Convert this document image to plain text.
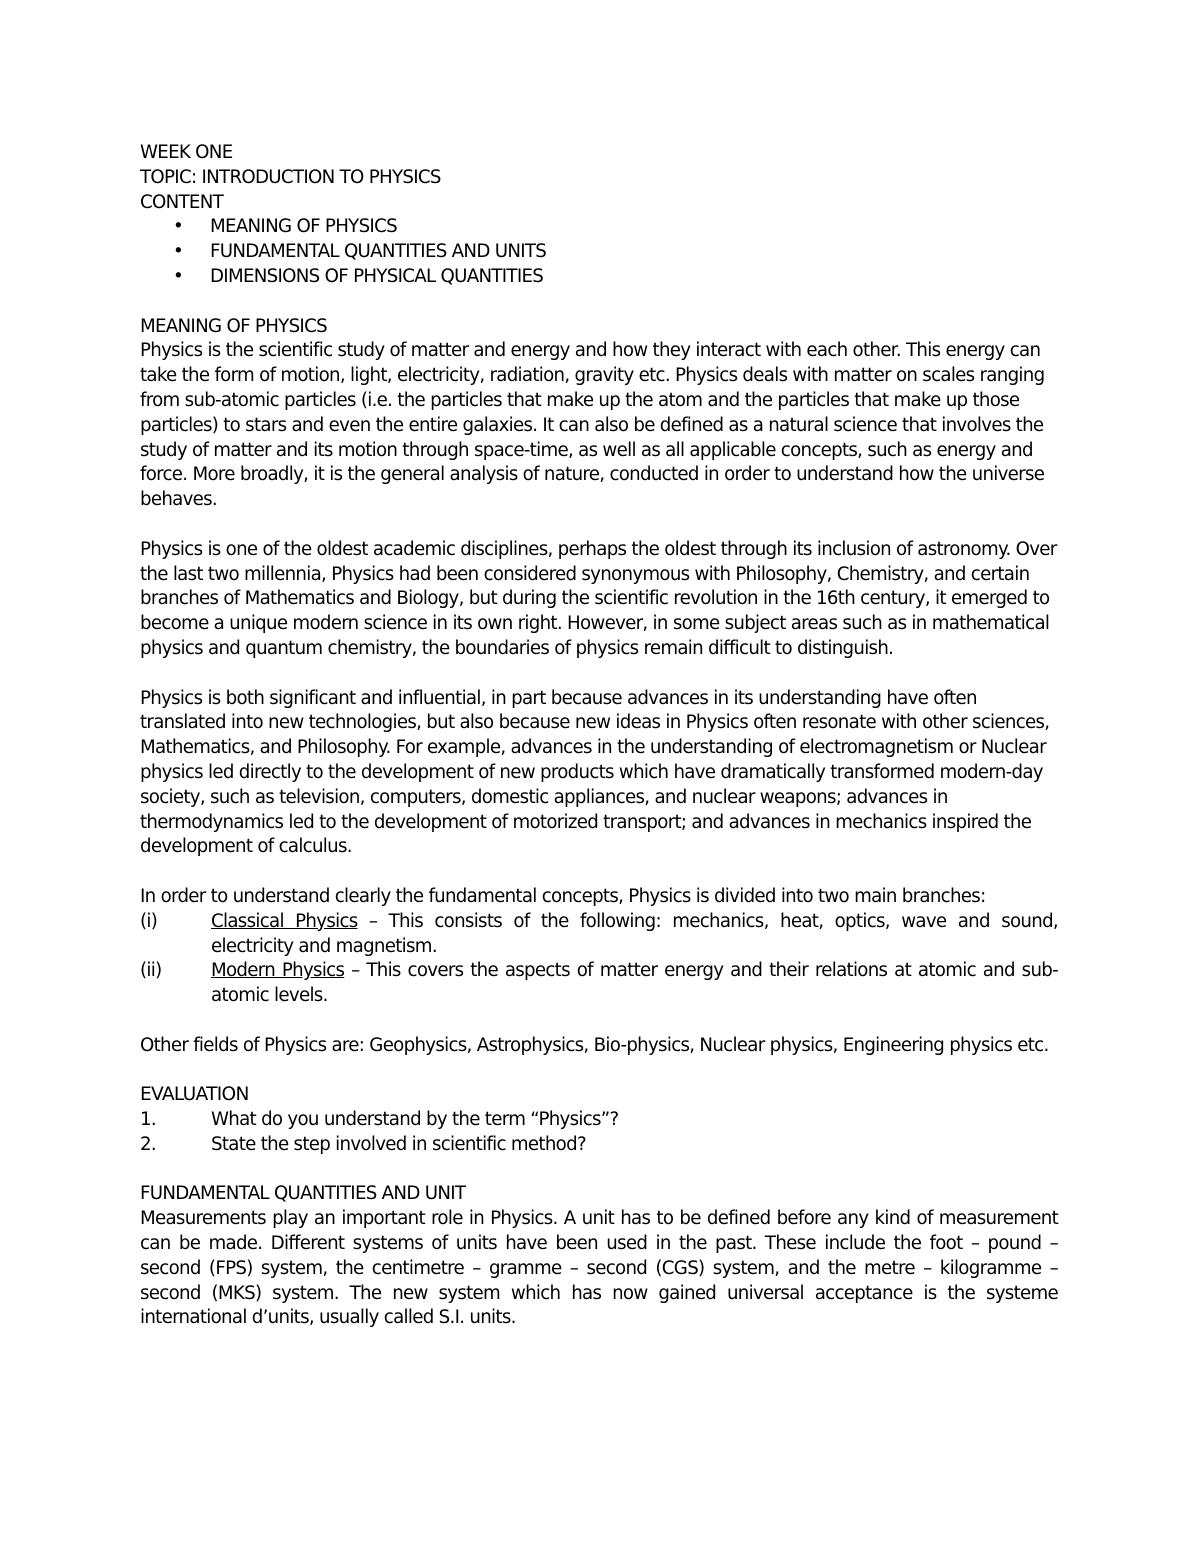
WEEK ONE

TOPIC: INTRODUCTION TO PHYSICS

CONTENT

• MEANING OF PHYSICS
• FUNDAMENTAL QUANTITIES AND UNITS
• DIMENSIONS OF PHYSICAL QUANTITIES

MEANING OF PHYSICS

Physics is the scientific study of matter and energy and how they interact with each other. This energy can take the form of motion, light, electricity, radiation, gravity etc. Physics deals with matter on scales ranging from sub-atomic particles (i.e. the particles that make up the atom and the particles that make up those particles) to stars and even the entire galaxies. It can also be defined as a natural science that involves the study of matter and its motion through space-time, as well as all applicable concepts, such as energy and force. More broadly, it is the general analysis of nature, conducted in order to understand how the universe behaves.

Physics is one of the oldest academic disciplines, perhaps the oldest through its inclusion of astronomy. Over the last two millennia, Physics had been considered synonymous with Philosophy, Chemistry, and certain branches of Mathematics and Biology, but during the scientific revolution in the 16th century, it emerged to become a unique modern science in its own right. However, in some subject areas such as in mathematical physics and quantum chemistry, the boundaries of physics remain difficult to distinguish.

Physics is both significant and influential, in part because advances in its understanding have often translated into new technologies, but also because new ideas in Physics often resonate with other sciences, Mathematics, and Philosophy. For example, advances in the understanding of electromagnetism or Nuclear physics led directly to the development of new products which have dramatically transformed modern-day society, such as television, computers, domestic appliances, and nuclear weapons; advances in thermodynamics led to the development of motorized transport; and advances in mechanics inspired the development of calculus.

In order to understand clearly the fundamental concepts, Physics is divided into two main branches:

(i)	Classical Physics – This consists of the following: mechanics, heat, optics, wave and sound, electricity and magnetism.
(ii)	Modern Physics – This covers the aspects of matter energy and their relations at atomic and sub-atomic levels.

Other fields of Physics are: Geophysics, Astrophysics, Bio-physics, Nuclear physics, Engineering physics etc.

EVALUATION

1.	What do you understand by the term “Physics”?
2.	State the step involved in scientific method?

FUNDAMENTAL QUANTITIES AND UNIT

Measurements play an important role in Physics. A unit has to be defined before any kind of measurement can be made. Different systems of units have been used in the past. These include the foot – pound – second (FPS) system, the centimetre – gramme – second (CGS) system, and the metre – kilogramme – second (MKS) system. The new system which has now gained universal acceptance is the systeme international d’units, usually called S.I. units.
